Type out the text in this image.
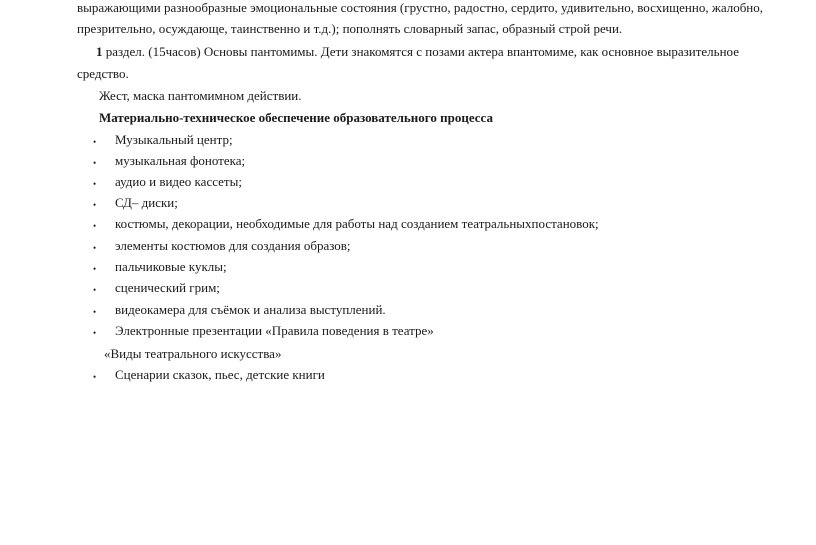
выражающими разнообразные эмоциональные состояния (грустно, радостно, сердито, удивительно, восхищенно, жалобно,
презрительно, осуждающе, таинственно и т.д.); пополнять словарный запас, образный строй речи.
1 раздел. (15часов) Основы пантомимы. Дети знакомятся с позами актера впантомиме, как основное выразительное
средство.
Жест, маска пантомимном действии.
Материально-техническое обеспечение образовательного процесса
•	Музыкальный центр;
•	музыкальная фонотека;
•	аудио и видео кассеты;
•	СД– диски;
•	костюмы, декорации, необходимые для работы над созданием театральныхпостановок;
•	элементы костюмов для создания образов;
•	пальчиковые куклы;
•	сценический грим;
•	видеокамера для съёмок и анализа выступлений.
•	Электронные презентации «Правила поведения в театре»
«Виды театрального искусства»
•	Сценарии сказок, пьес, детские книги
